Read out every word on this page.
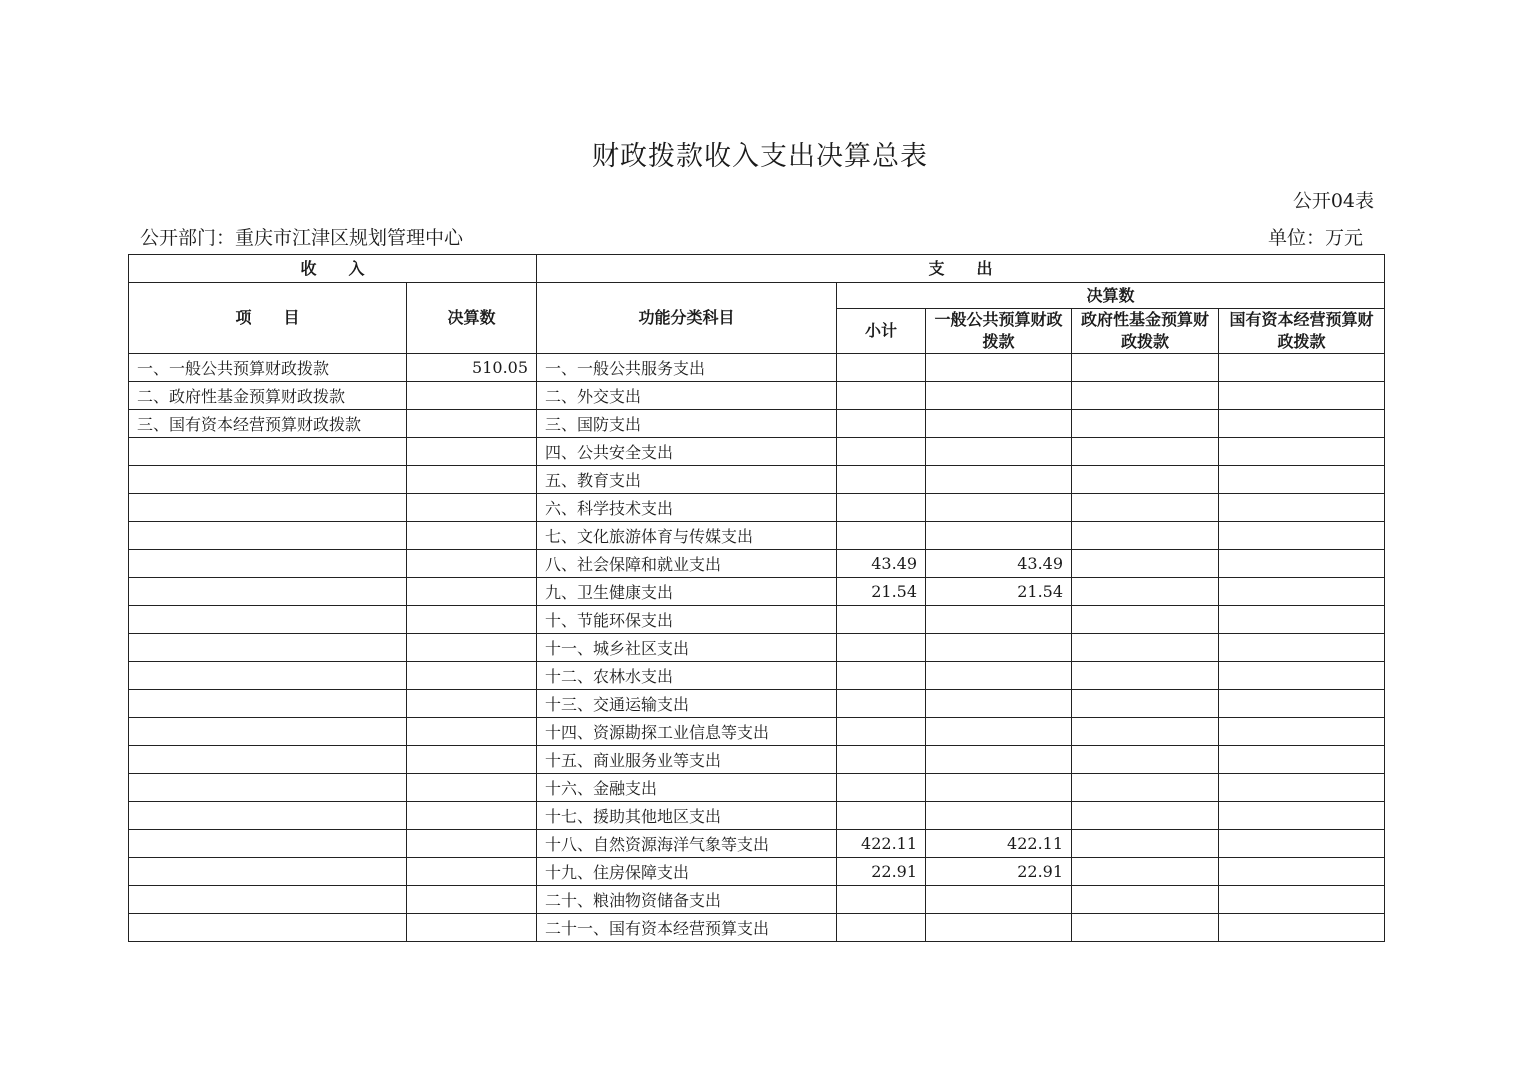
财政拨款收入支出决算总表
公开04表
公开部门：重庆市江津区规划管理中心	单位：万元
收　　入		支　　出				
项　　目	决算数	功能分类科目	决算数			
			小计	一般公共预算财政拨款	政府性基金预算财政拨款	国有资本经营预算财政拨款
一、一般公共预算财政拨款	510.05	一、一般公共服务支出				
二、政府性基金预算财政拨款		二、外交支出				
三、国有资本经营预算财政拨款		三、国防支出				
		四、公共安全支出				
		五、教育支出				
		六、科学技术支出				
		七、文化旅游体育与传媒支出				
		八、社会保障和就业支出	43.49	43.49		
		九、卫生健康支出	21.54	21.54		
		十、节能环保支出				
		十一、城乡社区支出				
		十二、农林水支出				
		十三、交通运输支出				
		十四、资源勘探工业信息等支出				
		十五、商业服务业等支出				
		十六、金融支出				
		十七、援助其他地区支出				
		十八、自然资源海洋气象等支出	422.11	422.11		
		十九、住房保障支出	22.91	22.91		
		二十、粮油物资储备支出				
		二十一、国有资本经营预算支出				
